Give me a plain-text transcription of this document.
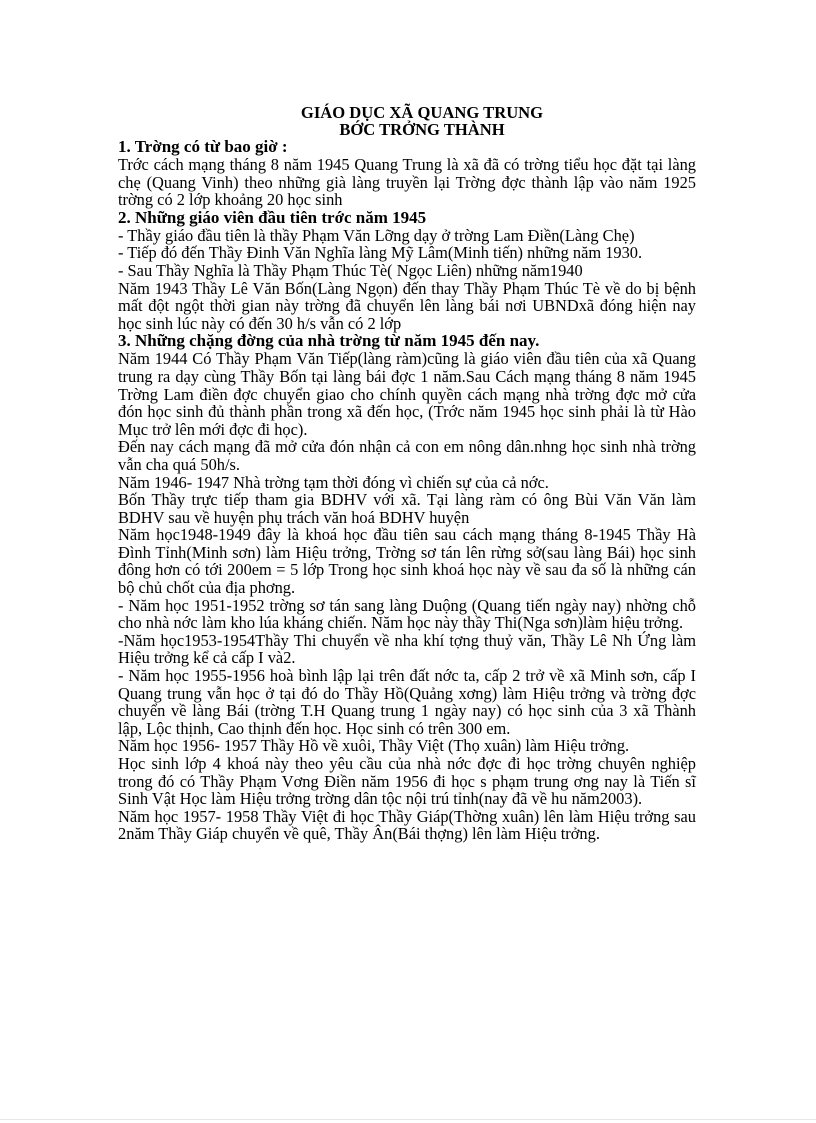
GIÁO DỤC XÃ QUANG TRUNG
BỚC TRỞNG THÀNH
1. Trờng có từ bao giờ :

Trớc cách mạng tháng 8 năm 1945 Quang Trung là xã đã có trờng tiểu học đặt tại làng chẹ (Quang Vinh) theo những già làng truyền lại Trờng đợc thành lập vào năm 1925 trờng có 2 lớp khoảng 20 học sinh

2. Những giáo viên đầu tiên trớc năm 1945

- Thầy giáo đầu tiên là thầy Phạm Văn Lỡng dạy ở trờng Lam Điền(Làng Chẹ)

- Tiếp đó đến Thầy Đinh Văn Nghĩa làng Mỹ Lâm(Minh tiến) những năm 1930.

- Sau Thầy Nghĩa là Thầy Phạm Thúc Tè( Ngọc Liên) những năm1940

Năm 1943 Thầy Lê Văn Bốn(Làng Ngọn) đến thay Thầy Phạm Thúc Tè về do bị bệnh mất đột ngột thời gian này trờng đã chuyển lên làng bái nơi UBNDxã đóng hiện nay học sinh lúc này có đến 30 h/s vẫn có 2 lớp

3. Những chặng đờng của nhà trờng từ năm 1945 đến nay.

Năm 1944 Có Thầy Phạm Văn Tiếp(làng ràm)cũng là giáo viên đầu tiên của xã Quang trung ra dạy cùng Thầy Bốn tại làng bái đợc 1 năm.Sau Cách mạng tháng 8 năm 1945 Trờng Lam điền đợc chuyển giao cho chính quyền cách mạng nhà trờng đợc mở cửa đón học sinh đủ thành phần trong xã đến học, (Trớc năm 1945 học sinh phải là từ Hào Mục trở lên mới đợc đi học).

Đến nay cách mạng đã mở cửa đón nhận cả con em nông dân.nhng học sinh nhà trờng vẫn cha quá 50h/s.

Năm 1946- 1947 Nhà trờng tạm thời đóng vì chiến sự của cả nớc.

Bốn Thầy trực tiếp tham gia BDHV với xã. Tại làng ràm có ông Bùi Văn Văn làm BDHV sau về huyện phụ trách văn hoá BDHV huyện

Năm học1948-1949 đây là khoá học đầu tiên sau cách mạng tháng 8-1945 Thầy Hà Đình Tỉnh(Minh sơn) làm Hiệu trởng, Trờng sơ tán lên rừng sở(sau làng Bái) học sinh đông hơn có tới 200em = 5 lớp Trong học sinh khoá học này về sau đa số là những cán bộ chủ chốt của địa phơng.

- Năm học 1951-1952 trờng sơ tán sang làng Duộng (Quang tiến ngày nay) nhờng chỗ cho nhà nớc làm kho lúa kháng chiến. Năm học này thầy Thi(Nga sơn)làm hiệu trởng.

-Năm học1953-1954Thầy Thi chuyển về nha khí tợng thuỷ văn, Thầy Lê Nh Ứng làm Hiệu trởng kể cả cấp I và2.

- Năm học 1955-1956 hoà bình lập lại trên đất nớc ta, cấp 2 trở về xã Minh sơn, cấp I Quang trung vẫn học ở tại đó do Thầy Hồ(Quảng xơng) làm Hiệu trởng và trờng đợc chuyển về làng Bái (trờng T.H Quang trung 1 ngày nay) có học sinh của 3 xã Thành lập, Lộc thịnh, Cao thịnh đến học. Học sinh có trên 300 em.

Năm học 1956- 1957 Thầy Hồ về xuôi, Thầy Việt (Thọ xuân) làm Hiệu trởng.

Học sinh lớp 4 khoá này theo yêu cầu của nhà nớc đợc đi học trờng chuyên nghiệp trong đó có Thầy Phạm Vơng Điền năm 1956 đi học s phạm trung ơng nay là Tiến sĩ Sinh Vật Học làm Hiệu trởng trờng dân tộc nội trú tỉnh(nay đã về hu năm2003).

Năm học 1957- 1958 Thầy Việt đi học Thầy Giáp(Thờng xuân) lên làm Hiệu trởng sau 2năm Thầy Giáp chuyển về quê, Thầy Ân(Bái thợng) lên làm Hiệu trởng.
